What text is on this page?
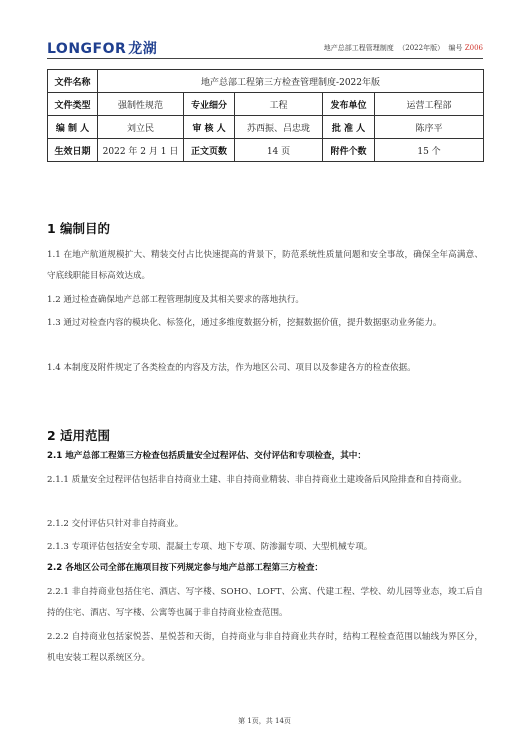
LONGFOR 龙湖	地产总部工程管理制度 （2022年版） 编号 Z006
文件名称	地产总部工程第三方检查管理制度-2022年版				
文件类型	强制性规范	专业细分	工程	发布单位	运营工程部
编 制 人	刘立民	审 核 人	苏西振、吕忠珑	批 准 人	陈序平
生效日期	2022 年 2 月 1 日	正文页数	14 页	附件个数	15 个
1 编制目的
1.1 在地产航道规模扩大、精装交付占比快速提高的背景下，防范系统性质量问题和安全事故，确保全年高满意、守底线职能目标高效达成。
1.2 通过检查确保地产总部工程管理制度及其相关要求的落地执行。
1.3 通过对检查内容的模块化、标签化，通过多维度数据分析，挖掘数据价值，提升数据驱动业务能力。
1.4 本制度及附件规定了各类检查的内容及方法，作为地区公司、项目以及参建各方的检查依据。
2 适用范围
2.1 地产总部工程第三方检查包括质量安全过程评估、交付评估和专项检查，其中：
2.1.1 质量安全过程评估包括非自持商业土建、非自持商业精装、非自持商业土建竣备后风险排查和自持商业。
2.1.2 交付评估只针对非自持商业。
2.1.3 专项评估包括安全专项、混凝土专项、地下专项、防渗漏专项、大型机械专项。
2.2 各地区公司全部在施项目按下列规定参与地产总部工程第三方检查：
2.2.1 非自持商业包括住宅、酒店、写字楼、SOHO、LOFT、公寓、代建工程、学校、幼儿园等业态，竣工后自持的住宅、酒店、写字楼、公寓等也属于非自持商业检查范围。
2.2.2 自持商业包括家悦荟、星悦荟和天街，自持商业与非自持商业共存时，结构工程检查范围以轴线为界区分，机电安装工程以系统区分。
第 1页，共 14页
